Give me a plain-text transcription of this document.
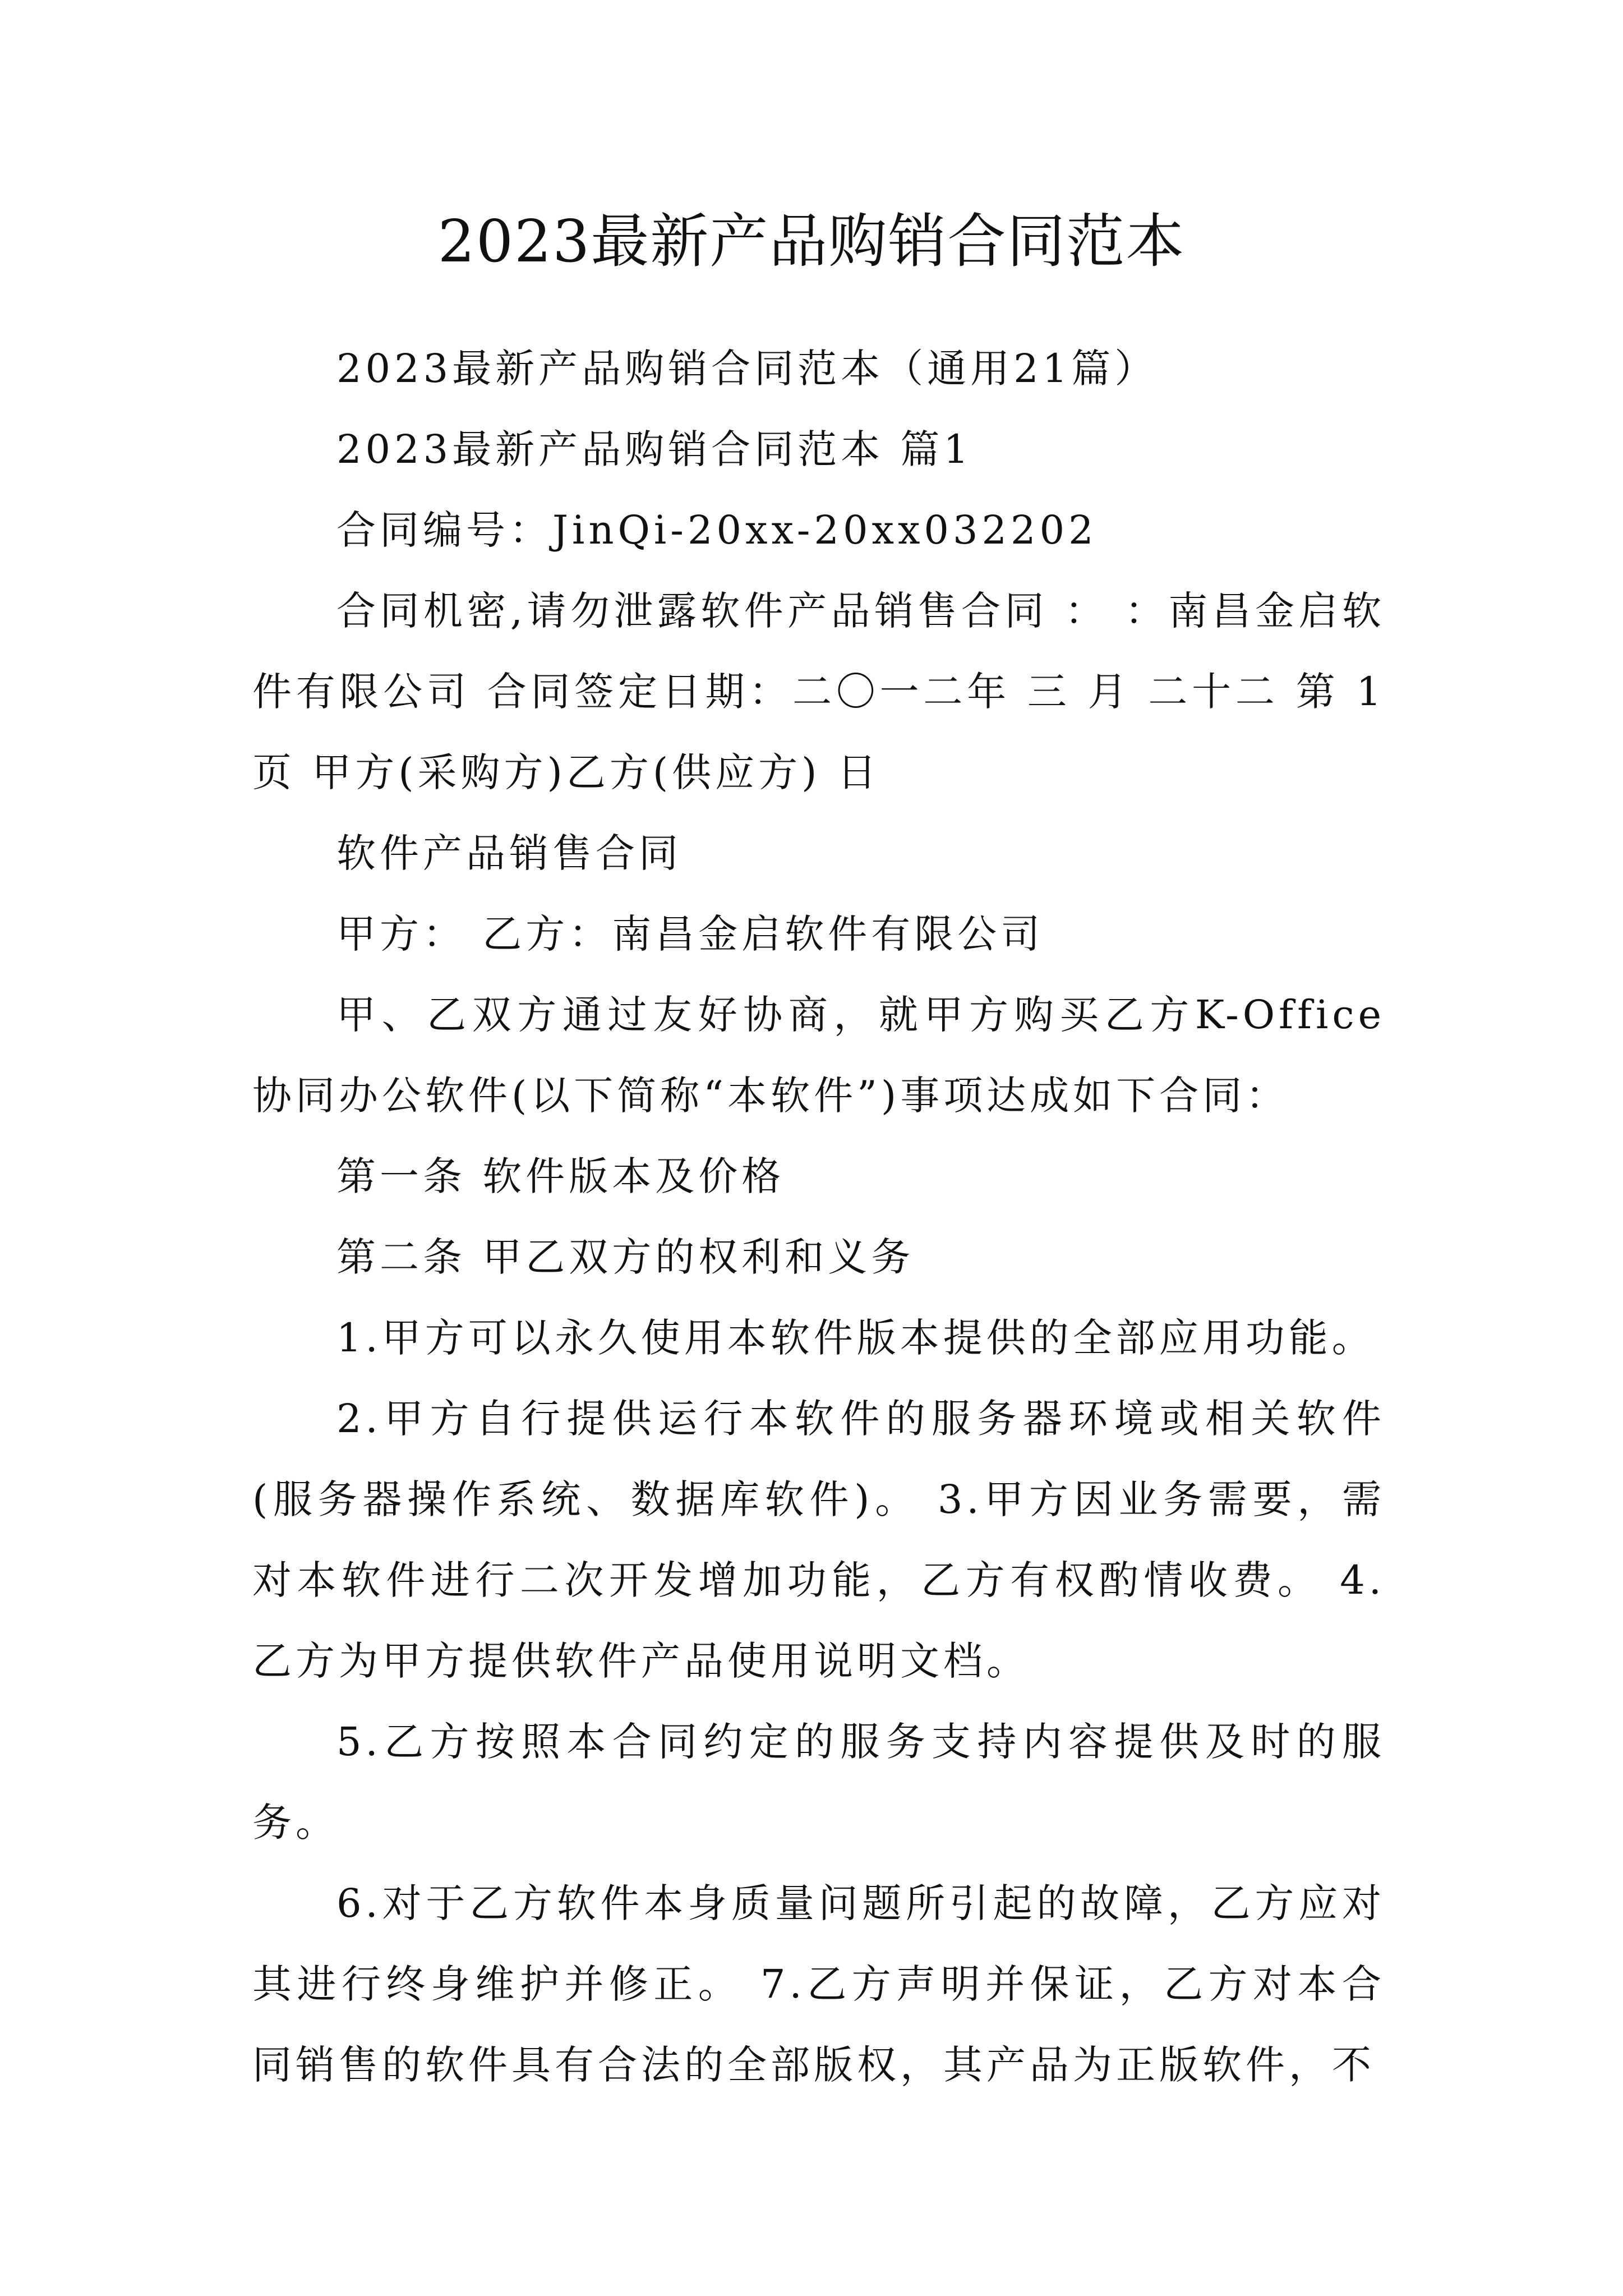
2023最新产品购销合同范本

2023最新产品购销合同范本（通用21篇）

2023最新产品购销合同范本 篇1

合同编号：JinQi-20xx-20xx032202

合同机密,请勿泄露软件产品销售合同 ： ：南昌金启软件有限公司 合同签定日期：二〇一二年 三 月 二十二 第 1 页 甲方(采购方)乙方(供应方) 日

软件产品销售合同

甲方： 乙方：南昌金启软件有限公司

甲、乙双方通过友好协商，就甲方购买乙方K-Office协同办公软件(以下简称“本软件”)事项达成如下合同：

第一条 软件版本及价格

第二条 甲乙双方的权利和义务

1.甲方可以永久使用本软件版本提供的全部应用功能。

2.甲方自行提供运行本软件的服务器环境或相关软件(服务器操作系统、数据库软件)。 3.甲方因业务需要，需对本软件进行二次开发增加功能，乙方有权酌情收费。 4.乙方为甲方提供软件产品使用说明文档。

5.乙方按照本合同约定的服务支持内容提供及时的服务。

6.对于乙方软件本身质量问题所引起的故障，乙方应对其进行终身维护并修正。 7.乙方声明并保证，乙方对本合同销售的软件具有合法的全部版权，其产品为正版软件，不
